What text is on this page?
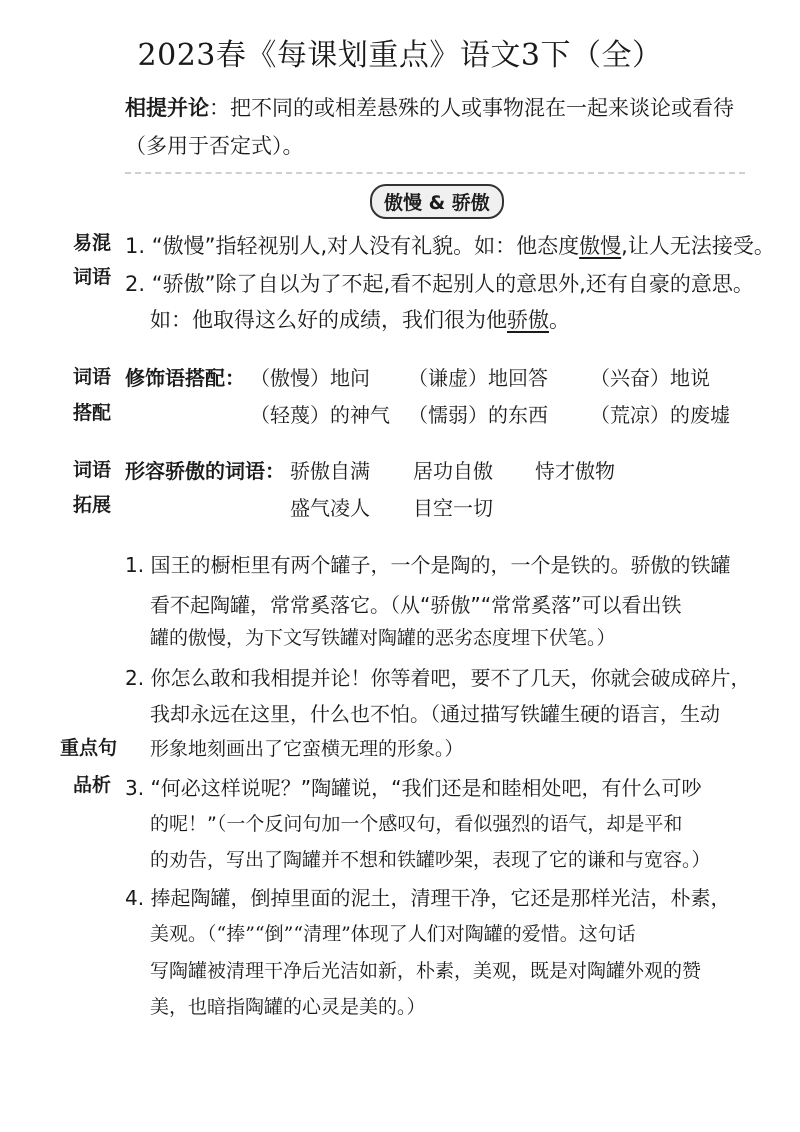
2023春《每课划重点》语文3下（全）
相提并论：把不同的或相差悬殊的人或事物混在一起来谈论或看待
（多用于否定式）。
傲慢 & 骄傲
易混
词语
1. “傲慢”指轻视别人,对人没有礼貌。如：他态度傲慢,让人无法接受。
2. “骄傲”除了自以为了不起,看不起别人的意思外,还有自豪的意思。
如：他取得这么好的成绩，我们很为他骄傲。
词语
搭配
修饰语搭配： （傲慢）地问 （谦虚）地回答 （兴奋）地说
（轻蔑）的神气 （懦弱）的东西 （荒凉）的废墟
词语
拓展
形容骄傲的词语： 骄傲自满 居功自傲 恃才傲物
盛气凌人 目空一切
重点句
品析
1. 国王的橱柜里有两个罐子，一个是陶的，一个是铁的。骄傲的铁罐
看不起陶罐，常常奚落它。（从“骄傲”“常常奚落”可以看出铁
罐的傲慢，为下文写铁罐对陶罐的恶劣态度埋下伏笔。）
2. 你怎么敢和我相提并论！你等着吧，要不了几天，你就会破成碎片，
我却永远在这里，什么也不怕。（通过描写铁罐生硬的语言，生动
形象地刻画出了它蛮横无理的形象。）
3. “何必这样说呢？”陶罐说，“我们还是和睦相处吧，有什么可吵
的呢！”（一个反问句加一个感叹句，看似强烈的语气，却是平和
的劝告，写出了陶罐并不想和铁罐吵架，表现了它的谦和与宽容。）
4. 捧起陶罐，倒掉里面的泥土，清理干净，它还是那样光洁，朴素，
美观。（“捧”“倒”“清理”体现了人们对陶罐的爱惜。这句话
写陶罐被清理干净后光洁如新，朴素，美观，既是对陶罐外观的赞
美，也暗指陶罐的心灵是美的。）
